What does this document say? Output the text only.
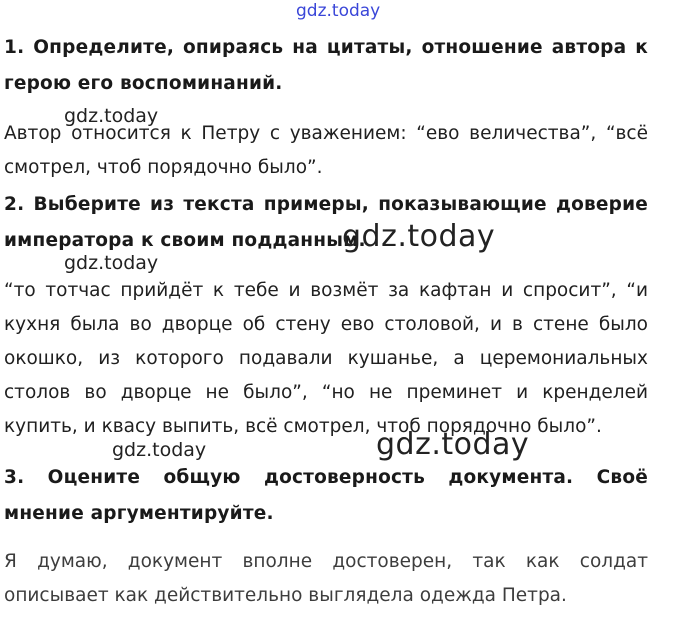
gdz.today

1. Определите, опираясь на цитаты, отношение автора к герою его воспоминаний.

gdz.today

Автор относится к Петру с уважением: “ево величества”, “всё смотрел, чтоб порядочно было”.

2. Выберите из текста примеры, показывающие доверие императора к своим подданным.

gdz.today
gdz.today

“то тотчас прийдёт к тебе и возмёт за кафтан и спросит”, “и кухня была во дворце об стену ево столовой, и в стене было окошко, из которого подавали кушанье, а церемониальных столов во дворце не было”, “но не преминет и кренделей купить, и квасу выпить, всё смотрел, чтоб порядочно было”.

gdz.today	gdz.today

3. Оцените общую достоверность документа. Своё мнение аргументируйте.

Я думаю, документ вполне достоверен, так как солдат описывает как действительно выглядела одежда Петра.
